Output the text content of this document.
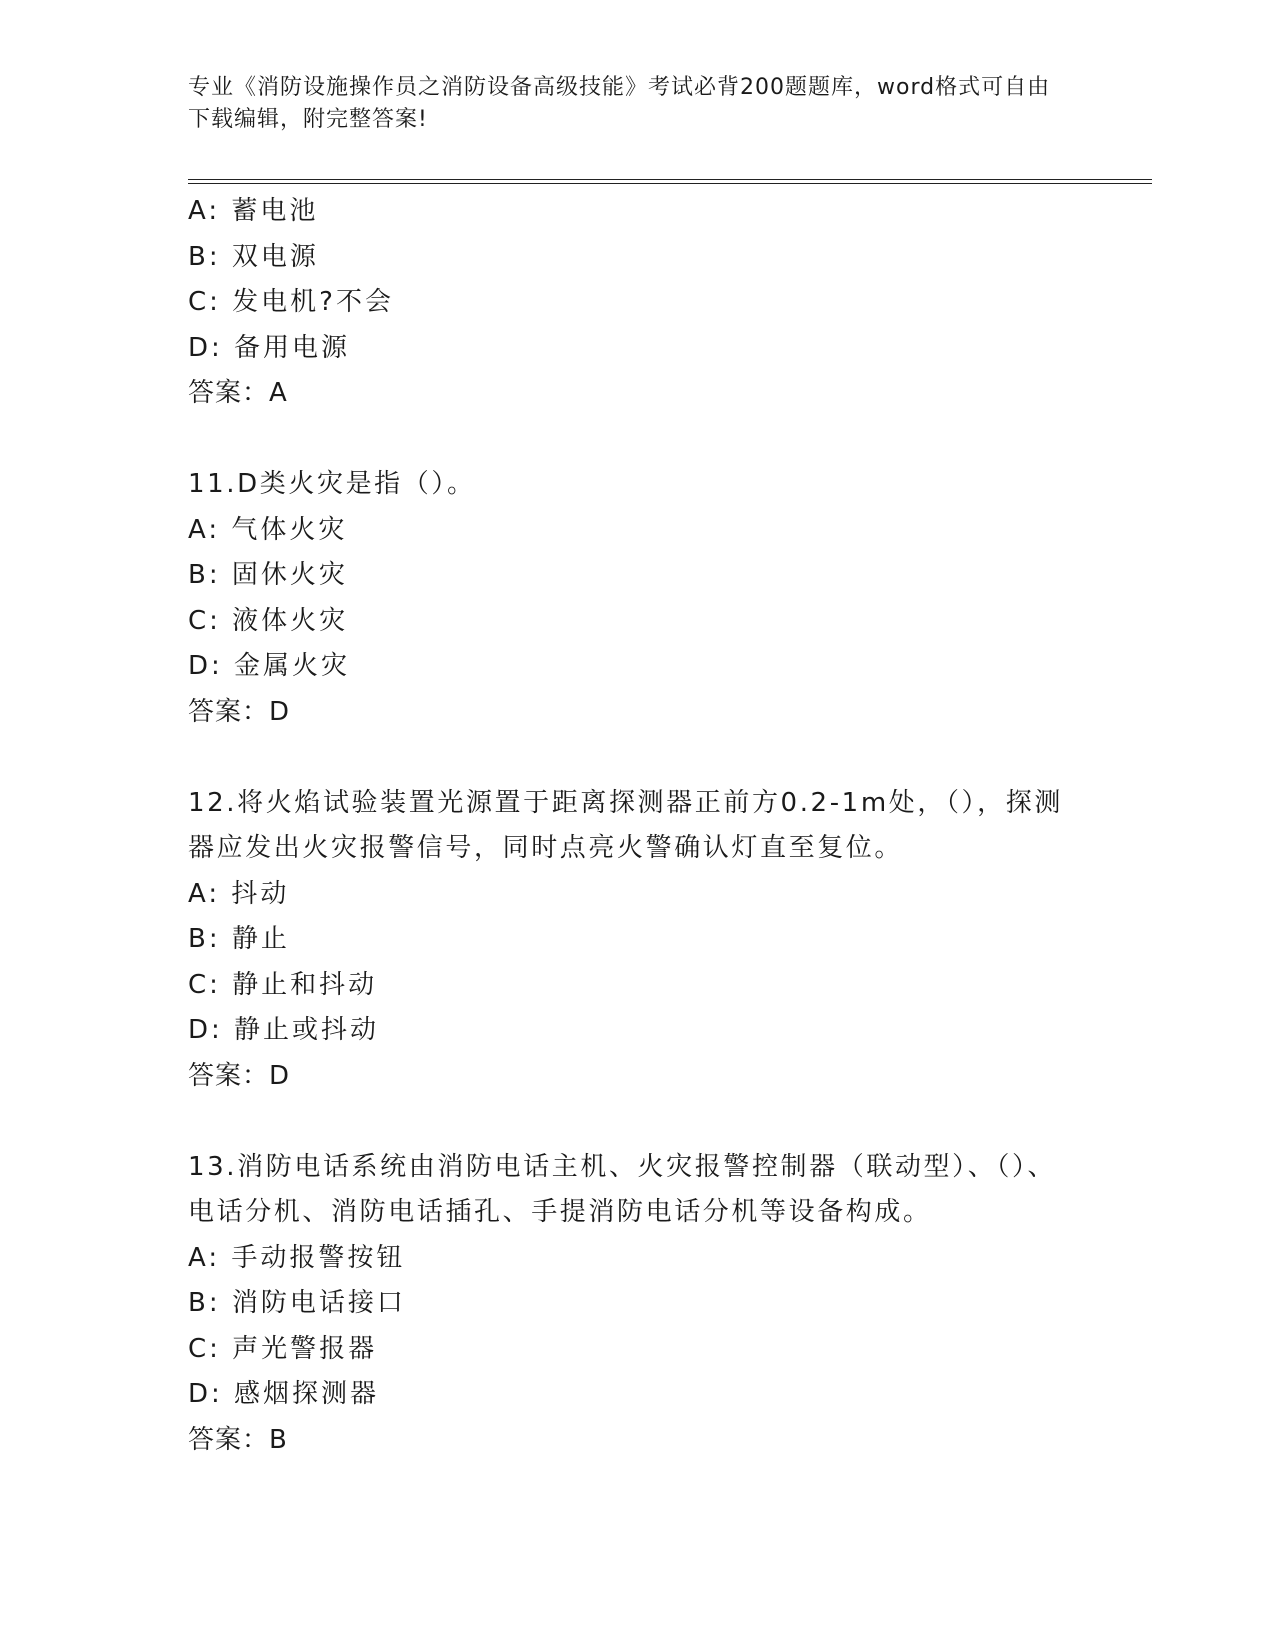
专业《消防设施操作员之消防设备高级技能》考试必背200题题库，word格式可自由下载编辑，附完整答案!
A: 蓄电池
B: 双电源
C: 发电机?不会
D: 备用电源
答案：A
11.D类火灾是指（）。
A: 气体火灾
B: 固休火灾
C: 液体火灾
D: 金属火灾
答案：D
12.将火焰试验装置光源置于距离探测器正前方0.2-1m处，（），探测器应发出火灾报警信号，同时点亮火警确认灯直至复位。
A: 抖动
B: 静止
C: 静止和抖动
D: 静止或抖动
答案：D
13.消防电话系统由消防电话主机、火灾报警控制器（联动型）、（）、电话分机、消防电话插孔、手提消防电话分机等设备构成。
A: 手动报警按钮
B: 消防电话接口
C: 声光警报器
D: 感烟探测器
答案：B
